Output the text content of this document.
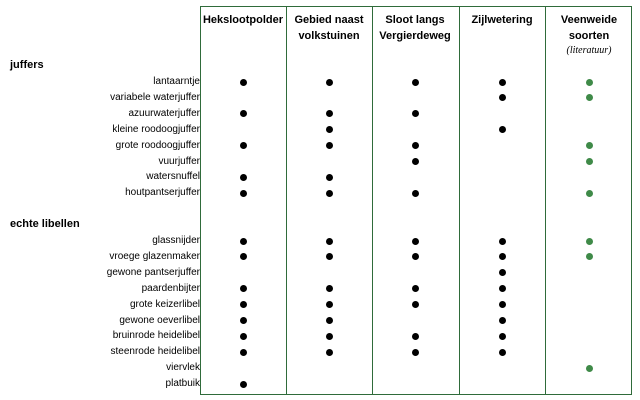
Hekslootpolder	Gebied naast volkstuinen
Sloot langs Vergierdeweg
Zijlwetering	Veenweide soorten
(literatuur)
juffers
lantaarntje
variabele waterjuffer
azuurwaterjuffer
kleine roodoogjuffer
grote roodoogjuffer
vuurjuffer
watersnuffel
houtpantserjuffer
echte libellen
glassnijder
vroege glazenmaker
gewone pantserjuffer
paardenbijter
grote keizerlibel
gewone oeverlibel
bruinrode heidelibel
steenrode heidelibel
viervlek
platbuik
